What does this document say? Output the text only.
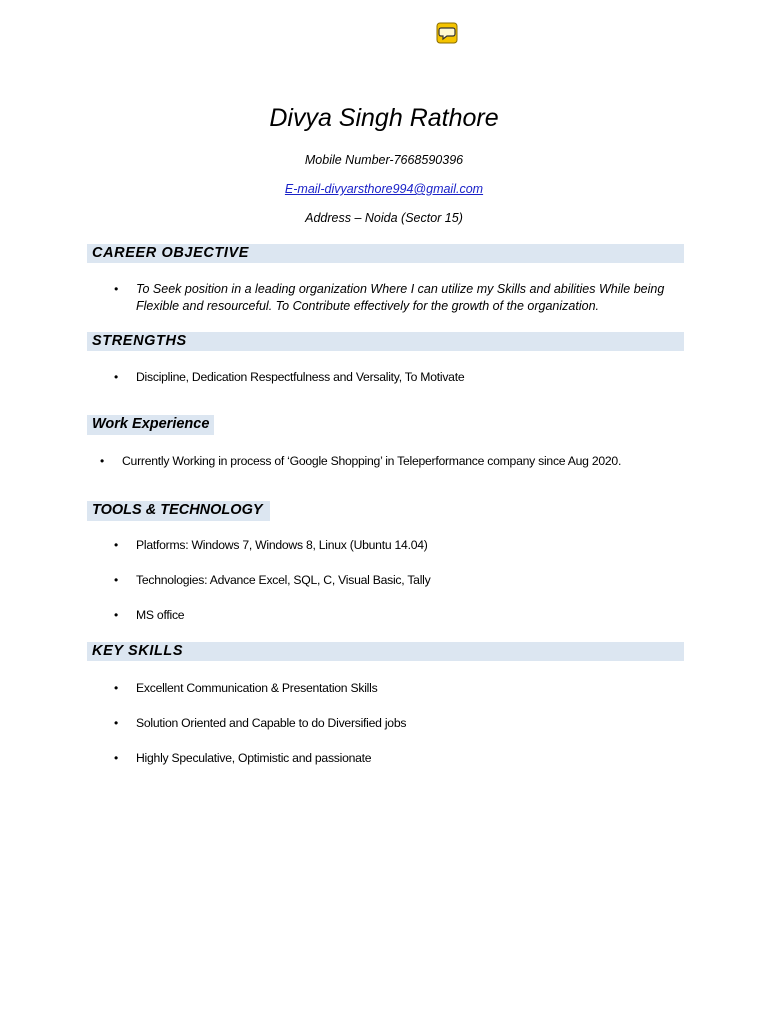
Divya Singh Rathore
Mobile Number-7668590396
E-mail-divyarsthore994@gmail.com
Address – Noida (Sector 15)
CAREER OBJECTIVE
• To Seek position in a leading organization Where I can utilize my Skills and abilities While being Flexible and resourceful. To Contribute effectively for the growth of the organization.
STRENGTHS
• Discipline, Dedication Respectfulness and Versality, To Motivate
Work Experience
• Currently Working in process of ‘Google Shopping’ in Teleperformance company since Aug 2020.
TOOLS & TECHNOLOGY
• Platforms: Windows 7, Windows 8, Linux (Ubuntu 14.04)
• Technologies: Advance Excel, SQL, C, Visual Basic, Tally
• MS office
KEY SKILLS
• Excellent Communication & Presentation Skills
• Solution Oriented and Capable to do Diversified jobs
• Highly Speculative, Optimistic and passionate
